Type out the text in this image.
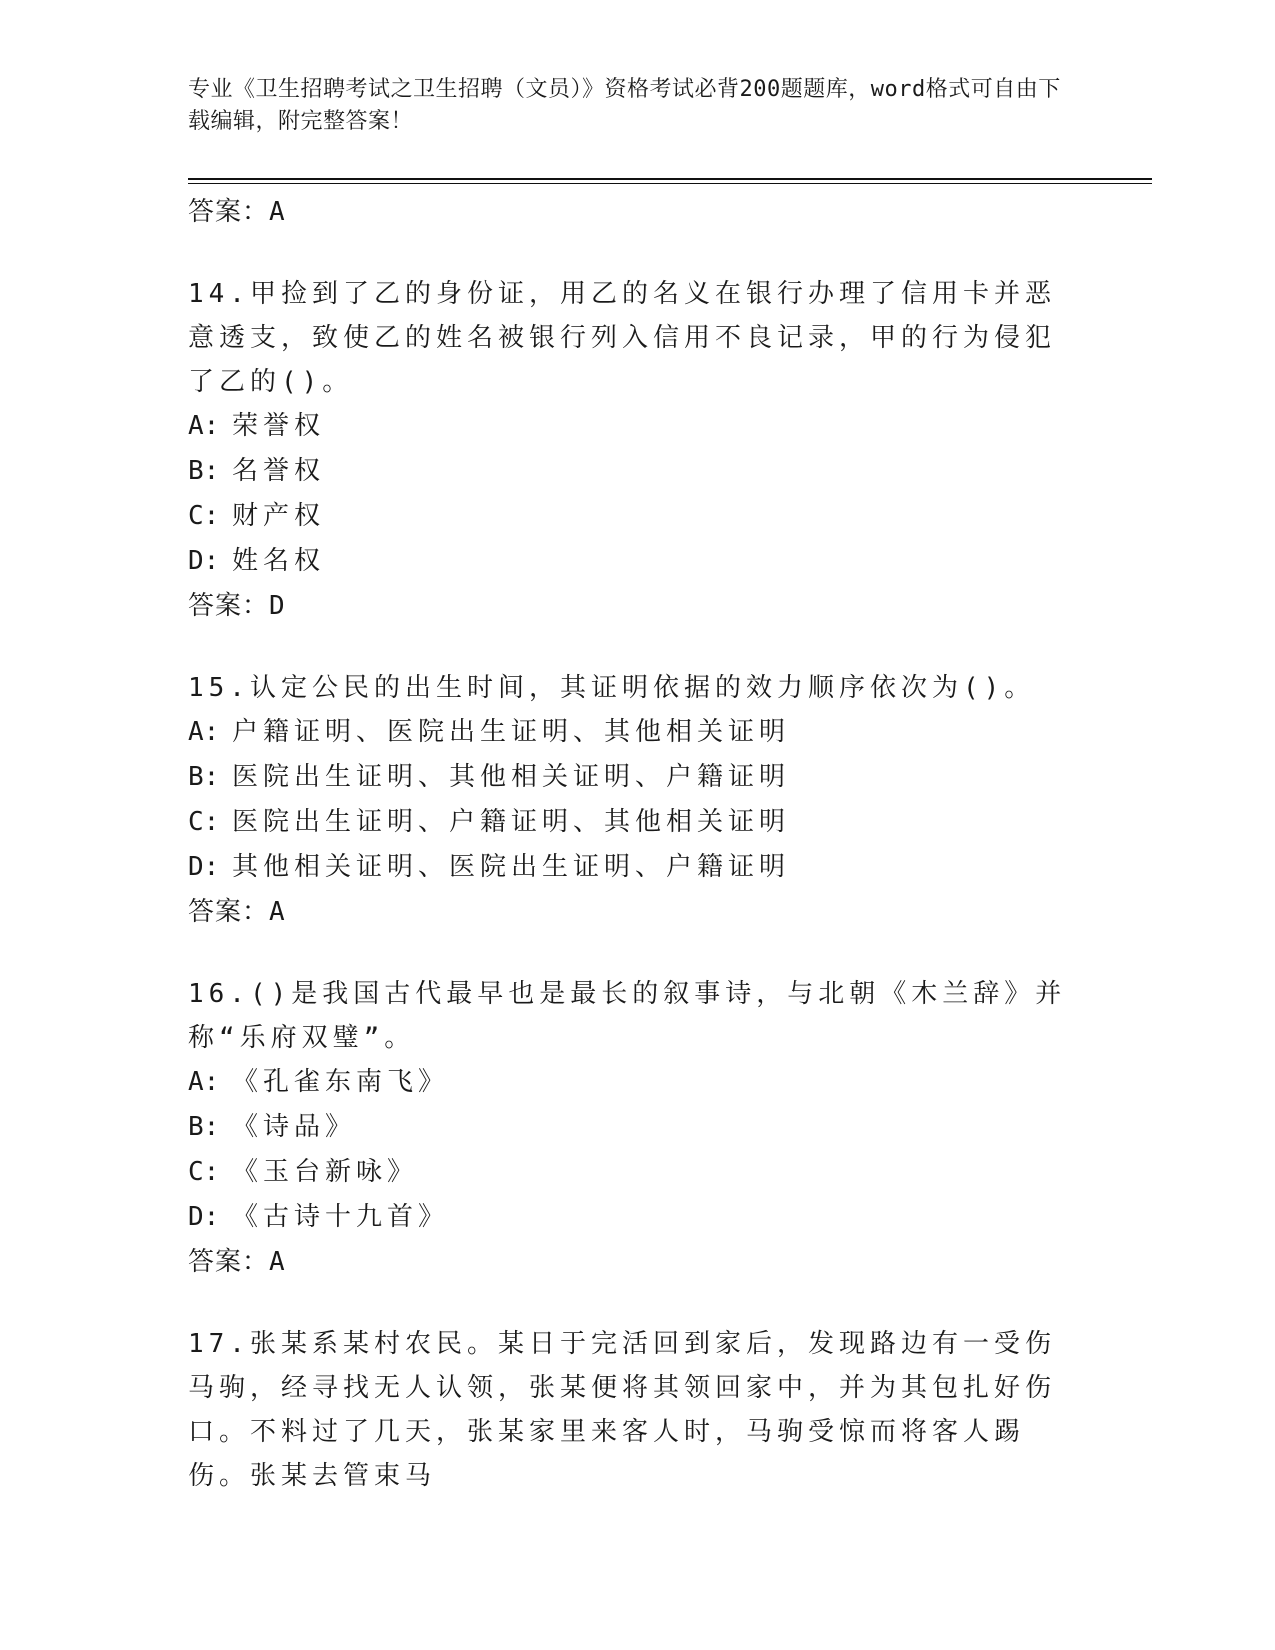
专业《卫生招聘考试之卫生招聘（文员）》资格考试必背200题题库，word格式可自由下载编辑，附完整答案！
答案：A
14.甲捡到了乙的身份证，用乙的名义在银行办理了信用卡并恶意透支，致使乙的姓名被银行列入信用不良记录，甲的行为侵犯了乙的()。
A: 荣誉权
B: 名誉权
C: 财产权
D: 姓名权
答案：D
15.认定公民的出生时间，其证明依据的效力顺序依次为()。
A: 户籍证明、医院出生证明、其他相关证明
B: 医院出生证明、其他相关证明、户籍证明
C: 医院出生证明、户籍证明、其他相关证明
D: 其他相关证明、医院出生证明、户籍证明
答案：A
16.()是我国古代最早也是最长的叙事诗，与北朝《木兰辞》并称“乐府双璧”。
A: 《孔雀东南飞》
B: 《诗品》
C: 《玉台新咏》
D: 《古诗十九首》
答案：A
17.张某系某村农民。某日于完活回到家后，发现路边有一受伤马驹，经寻找无人认领，张某便将其领回家中，并为其包扎好伤口。不料过了几天，张某家里来客人时，马驹受惊而将客人踢伤。张某去管束马
